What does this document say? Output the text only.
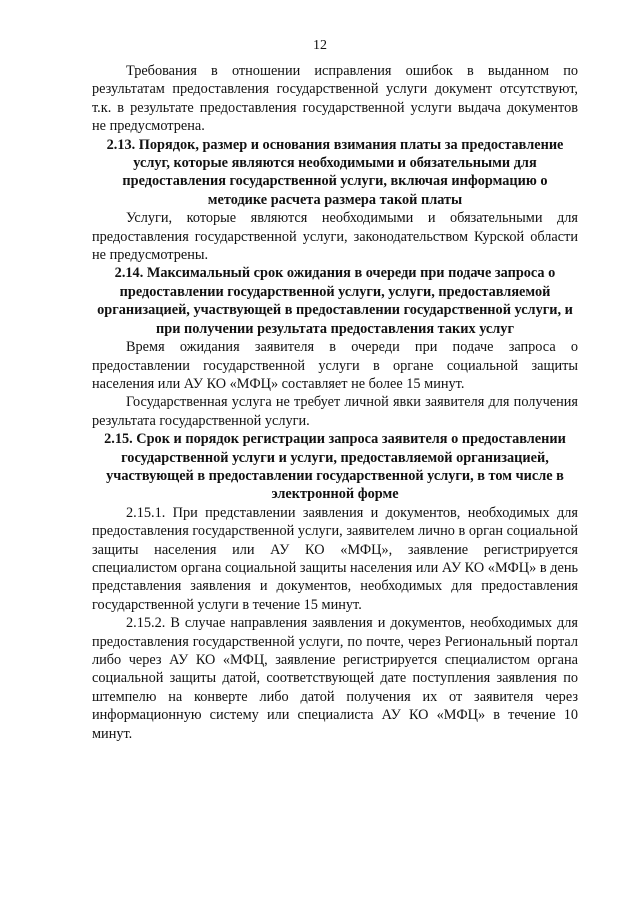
12

Требования в отношении исправления ошибок в выданном по результатам предоставления государственной услуги документ отсутствуют, т.к. в результате предоставления государственной услуги выдача документов не предусмотрена.

2.13. Порядок, размер и основания взимания платы за предоставление услуг, которые являются необходимыми и обязательными для предоставления государственной услуги, включая информацию о методике расчета размера такой платы

Услуги, которые являются необходимыми и обязательными для предоставления государственной услуги, законодательством Курской области не предусмотрены.

2.14. Максимальный срок ожидания в очереди при подаче запроса о предоставлении государственной услуги, услуги, предоставляемой организацией, участвующей в предоставлении государственной услуги, и при получении результата предоставления таких услуг

Время ожидания заявителя в очереди при подаче запроса о предоставлении государственной услуги в органе социальной защиты населения или АУ КО «МФЦ» составляет не более 15 минут.

Государственная услуга не требует личной явки заявителя для получения результата государственной услуги.

2.15. Срок и порядок регистрации запроса заявителя о предоставлении государственной услуги и услуги, предоставляемой организацией, участвующей в предоставлении государственной услуги, в том числе в электронной форме

2.15.1. При представлении заявления и документов, необходимых для предоставления государственной услуги, заявителем лично в орган социальной защиты населения или АУ КО «МФЦ», заявление регистрируется специалистом органа социальной защиты населения или АУ КО «МФЦ» в день представления заявления и документов, необходимых для предоставления государственной услуги в течение 15 минут.

2.15.2. В случае направления заявления и документов, необходимых для предоставления государственной услуги, по почте, через Региональный портал либо через АУ КО «МФЦ, заявление регистрируется специалистом органа социальной защиты датой, соответствующей дате поступления заявления по штемпелю на конверте либо датой получения их от заявителя через информационную систему или специалиста АУ КО «МФЦ» в течение 10 минут.
